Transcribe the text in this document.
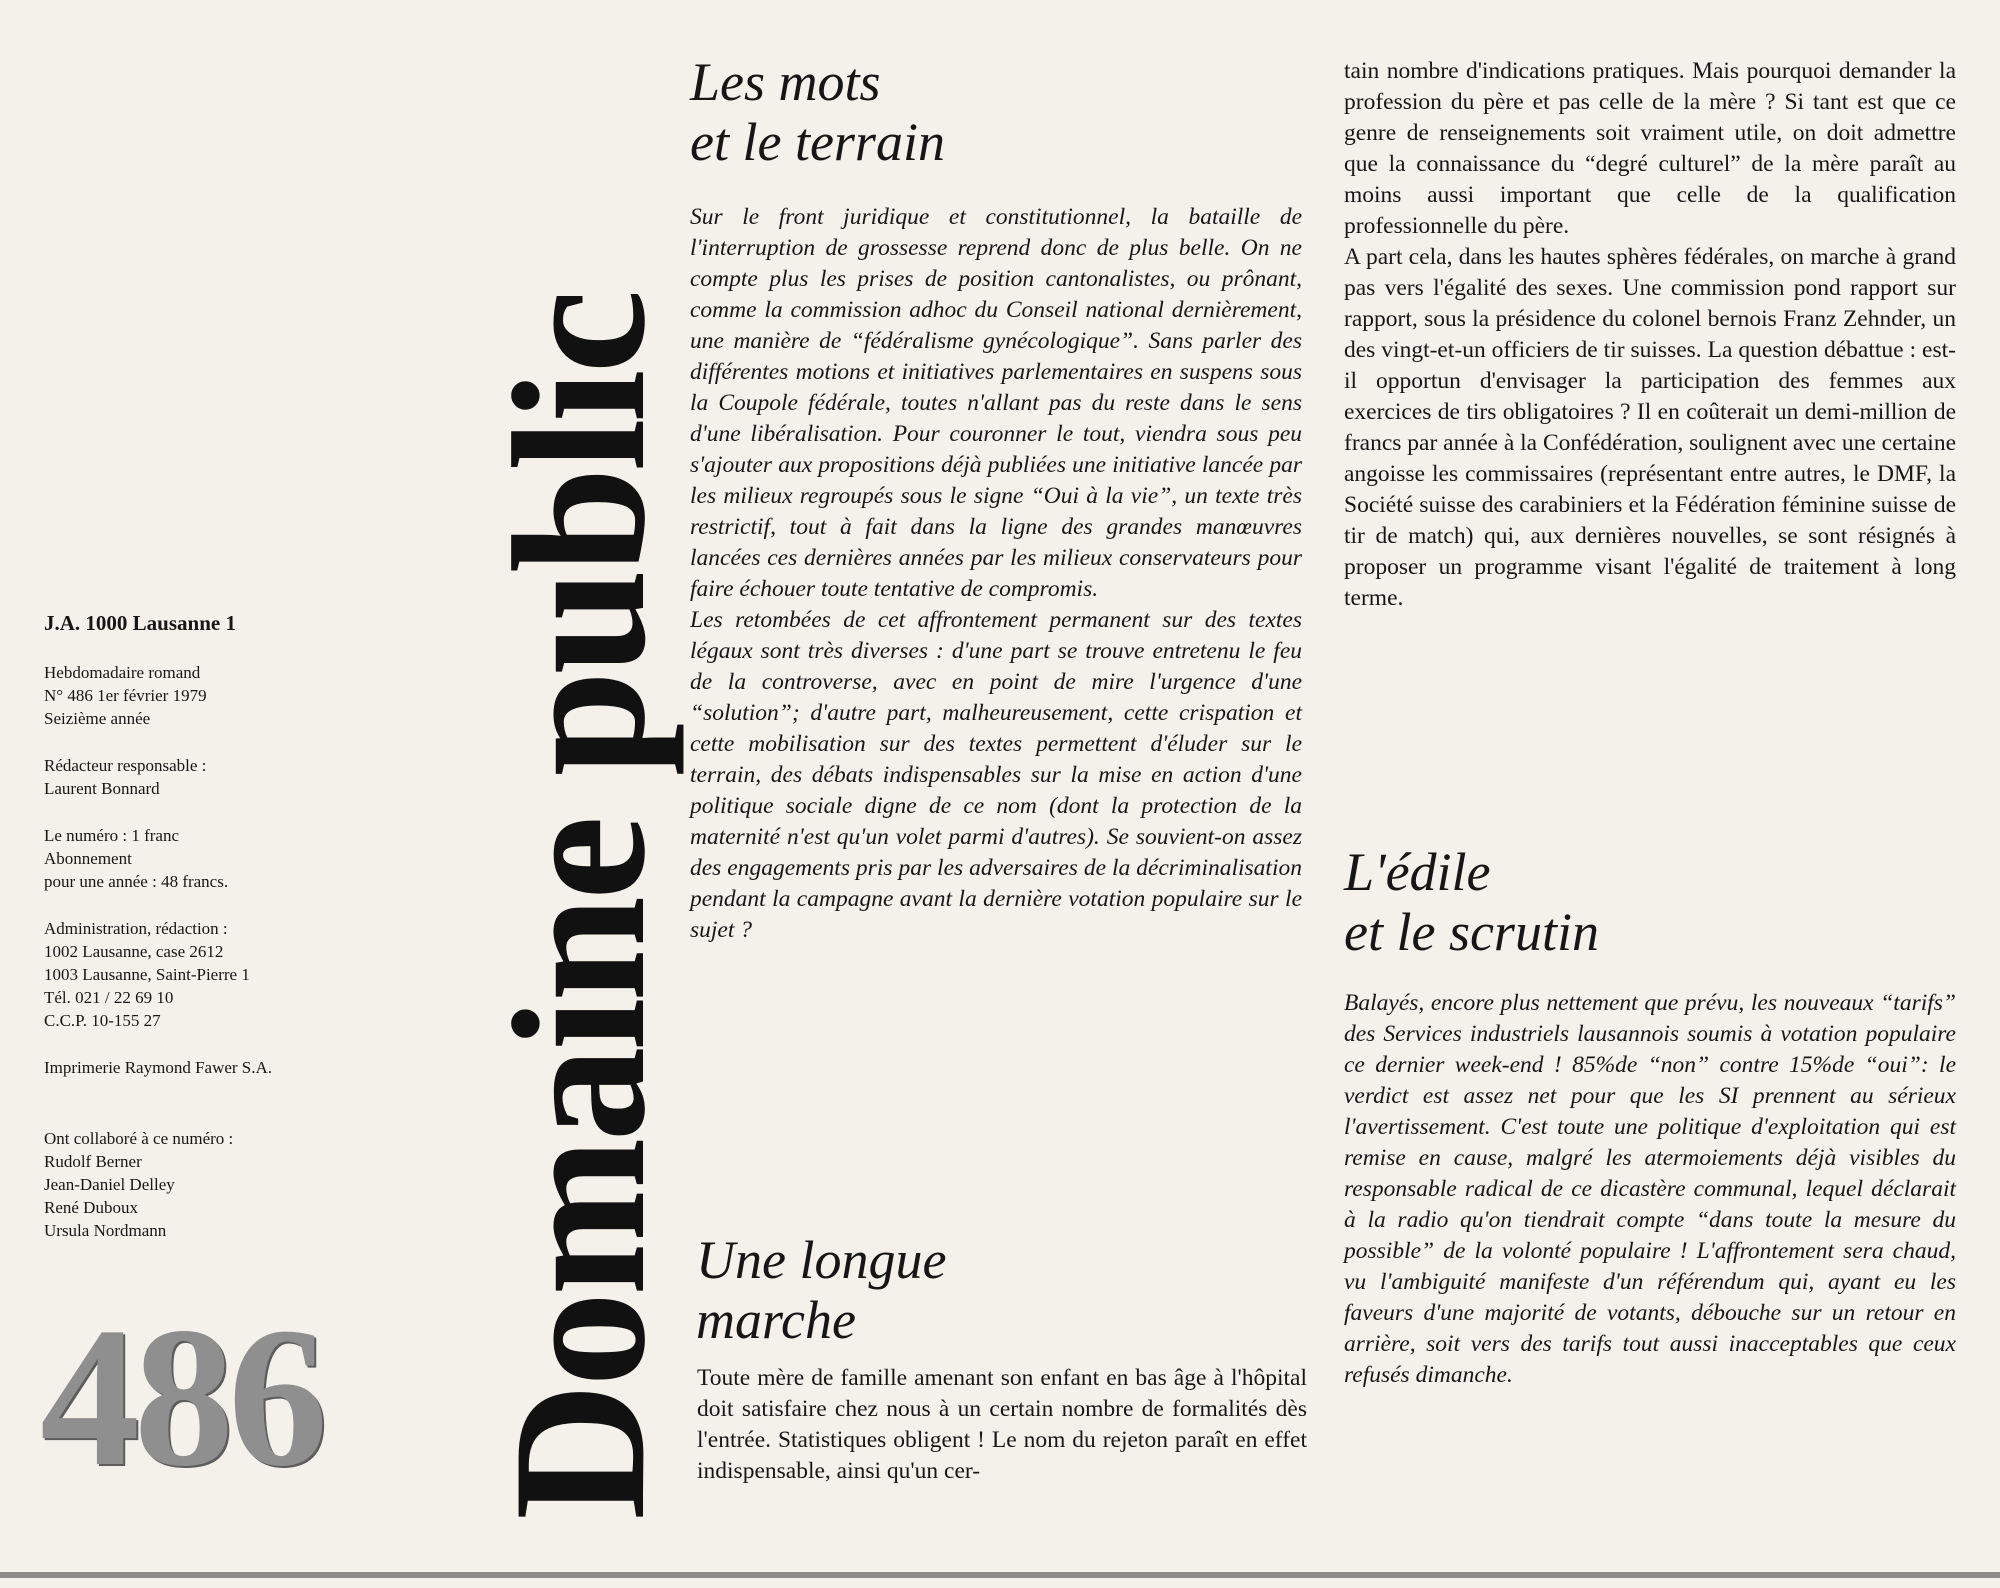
J.A. 1000 Lausanne 1
Hebdomadaire romand
N° 486 1er février 1979
Seizième année
Rédacteur responsable :
Laurent Bonnard
Le numéro : 1 franc
Abonnement
pour une année : 48 francs.
Administration, rédaction :
1002 Lausanne, case 2612
1003 Lausanne, Saint-Pierre 1
Tél. 021 / 22 69 10
C.C.P. 10-155 27
Imprimerie Raymond Fawer S.A.
Ont collaboré à ce numéro :
Rudolf Berner
Jean-Daniel Delley
René Duboux
Ursula Nordmann
486 Domaine public
Les mots
et le terrain

Sur le front juridique et constitutionnel, la bataille de l'interruption de grossesse reprend donc de plus belle. On ne compte plus les prises de position cantonalistes, ou prônant, comme la commission adhoc du Conseil national dernièrement, une manière de “fédéralisme gynécologique”. Sans parler des différentes motions et initiatives parlementaires en suspens sous la Coupole fédérale, toutes n'allant pas du reste dans le sens d'une libéralisation. Pour couronner le tout, viendra sous peu s'ajouter aux propositions déjà publiées une initiative lancée par les milieux regroupés sous le signe “Oui à la vie”, un texte très restrictif, tout à fait dans la ligne des grandes manœuvres lancées ces dernières années par les milieux conservateurs pour faire échouer toute tentative de compromis.

Les retombées de cet affrontement permanent sur des textes légaux sont très diverses : d'une part se trouve entretenu le feu de la controverse, avec en point de mire l'urgence d'une “solution”; d'autre part, malheureusement, cette crispation et cette mobilisation sur des textes permettent d'éluder sur le terrain, des débats indispensables sur la mise en action d'une politique sociale digne de ce nom (dont la protection de la maternité n'est qu'un volet parmi d'autres). Se souvient-on assez des engagements pris par les adversaires de la décriminalisation pendant la campagne avant la dernière votation populaire sur le sujet ?

Une longue
marche

Toute mère de famille amenant son enfant en bas âge à l'hôpital doit satisfaire chez nous à un certain nombre de formalités dès l'entrée. Statistiques obligent ! Le nom du rejeton paraît en effet indispensable, ainsi qu'un cer-

tain nombre d'indications pratiques. Mais pourquoi demander la profession du père et pas celle de la mère ? Si tant est que ce genre de renseignements soit vraiment utile, on doit admettre que la connaissance du “degré culturel” de la mère paraît au moins aussi important que celle de la qualification professionnelle du père.

A part cela, dans les hautes sphères fédérales, on marche à grand pas vers l'égalité des sexes. Une commission pond rapport sur rapport, sous la présidence du colonel bernois Franz Zehnder, un des vingt-et-un officiers de tir suisses. La question débattue : est-il opportun d'envisager la participation des femmes aux exercices de tirs obligatoires ? Il en coûterait un demi-million de francs par année à la Confédération, soulignent avec une certaine angoisse les commissaires (représentant entre autres, le DMF, la Société suisse des carabiniers et la Fédération féminine suisse de tir de match) qui, aux dernières nouvelles, se sont résignés à proposer un programme visant l'égalité de traitement à long terme.

L'édile
et le scrutin

Balayés, encore plus nettement que prévu, les nouveaux “tarifs” des Services industriels lausannois soumis à votation populaire ce dernier week-end ! 85%de “non” contre 15%de “oui”: le verdict est assez net pour que les SI prennent au sérieux l'avertissement. C'est toute une politique d'exploitation qui est remise en cause, malgré les atermoiements déjà visibles du responsable radical de ce dicastère communal, lequel déclarait à la radio qu'on tiendrait compte “dans toute la mesure du possible” de la volonté populaire ! L'affrontement sera chaud, vu l'ambiguité manifeste d'un référendum qui, ayant eu les faveurs d'une majorité de votants, débouche sur un retour en arrière, soit vers des tarifs tout aussi inacceptables que ceux refusés dimanche.
